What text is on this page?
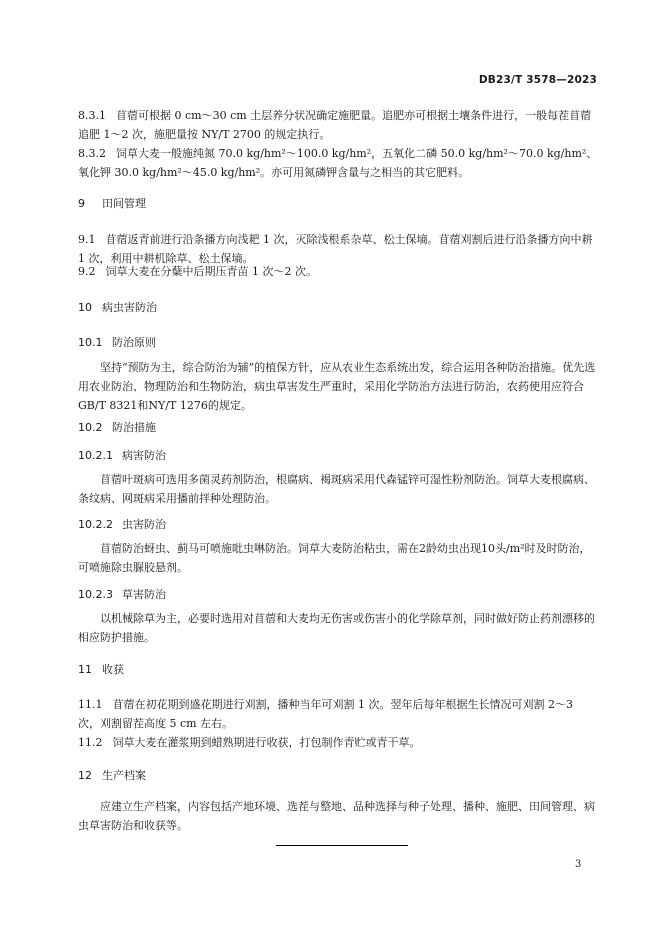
DB23/T 3578—2023
8.3.1 苜蓿可根据 0 cm～30 cm 土层养分状况确定施肥量。追肥亦可根据土壤条件进行，一般每茬苜蓿追肥 1～2 次，施肥量按 NY/T 2700 的规定执行。
8.3.2 饲草大麦一般施纯氮 70.0 kg/hm²～100.0 kg/hm²，五氧化二磷 50.0 kg/hm²～70.0 kg/hm²、氧化钾 30.0 kg/hm²～45.0 kg/hm²。亦可用氮磷钾含量与之相当的其它肥料。
9 田间管理
9.1 苜蓿返青前进行沿条播方向浅耙 1 次，灭除浅根系杂草、松土保墒。苜蓿刈割后进行沿条播方向中耕 1 次，利用中耕机除草、松土保墒。
9.2 饲草大麦在分蘖中后期压青苗 1 次～2 次。
10 病虫害防治
10.1 防治原则
坚持“预防为主，综合防治为辅”的植保方针，应从农业生态系统出发，综合运用各种防治措施。优先选用农业防治、物理防治和生物防治，病虫草害发生严重时，采用化学防治方法进行防治，农药使用应符合GB/T 8321和NY/T 1276的规定。
10.2 防治措施
10.2.1 病害防治
苜蓿叶斑病可选用多菌灵药剂防治，根腐病、褐斑病采用代森锰锌可湿性粉剂防治。饲草大麦根腐病、条纹病、网斑病采用播前拌种处理防治。
10.2.2 虫害防治
苜蓿防治蚜虫、蓟马可喷施吡虫啉防治。饲草大麦防治粘虫，需在2龄幼虫出现10头/m²时及时防治，可喷施除虫脲胶悬剂。
10.2.3 草害防治
以机械除草为主，必要时选用对苜蓿和大麦均无伤害或伤害小的化学除草剂，同时做好防止药剂漂移的相应防护措施。
11 收获
11.1 苜蓿在初花期到盛花期进行刈割，播种当年可刈割 1 次。翌年后每年根据生长情况可刈割 2～3 次，刈割留茬高度 5 cm 左右。
11.2 饲草大麦在灌浆期到蜡熟期进行收获，打包制作青贮或青干草。
12 生产档案
应建立生产档案，内容包括产地环境、选茬与整地、品种选择与种子处理、播种、施肥、田间管理、病虫草害防治和收获等。
3
